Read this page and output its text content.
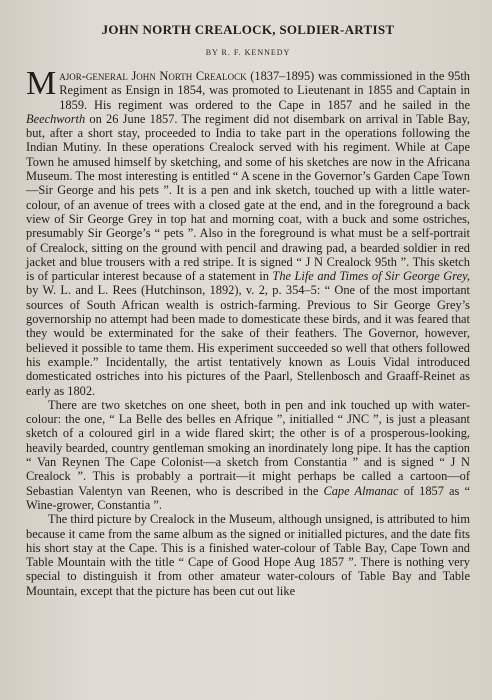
JOHN NORTH CREALOCK, SOLDIER-ARTIST
BY R. F. KENNEDY

Major-general John North Crealock (1837–1895) was commissioned in the 95th Regiment as Ensign in 1854, was promoted to Lieutenant in 1855 and Captain in 1859. His regiment was ordered to the Cape in 1857 and he sailed in the Beechworth on 26 June 1857. The regiment did not disembark on arrival in Table Bay, but, after a short stay, proceeded to India to take part in the operations following the Indian Mutiny. In these operations Crealock served with his regiment. While at Cape Town he amused himself by sketching, and some of his sketches are now in the Africana Museum. The most interesting is entitled “ A scene in the Governor’s Garden Cape Town—Sir George and his pets ”. It is a pen and ink sketch, touched up with a little water-colour, of an avenue of trees with a closed gate at the end, and in the foreground a back view of Sir George Grey in top hat and morning coat, with a buck and some ostriches, presumably Sir George’s “ pets ”. Also in the foreground is what must be a self-portrait of Crealock, sitting on the ground with pencil and drawing pad, a bearded soldier in red jacket and blue trousers with a red stripe. It is signed “ J N Crealock 95th ”. This sketch is of particular interest because of a statement in The Life and Times of Sir George Grey, by W. L. and L. Rees (Hutchinson, 1892), v. 2, p. 354–5: “ One of the most important sources of South African wealth is ostrich-farming. Previous to Sir George Grey’s governorship no attempt had been made to domesticate these birds, and it was feared that they would be exterminated for the sake of their feathers. The Governor, however, believed it possible to tame them. His experiment succeeded so well that others followed his example.” Incidentally, the artist tentatively known as Louis Vidal introduced domesticated ostriches into his pictures of the Paarl, Stellenbosch and Graaff-Reinet as early as 1802.

There are two sketches on one sheet, both in pen and ink touched up with water-colour: the one, “ La Belle des belles en Afrique ”, initialled “ JNC ”, is just a pleasant sketch of a coloured girl in a wide flared skirt; the other is of a prosperous-looking, heavily bearded, country gentleman smoking an inordinately long pipe. It has the caption “ Van Reynen The Cape Colonist—a sketch from Constantia ” and is signed “ J N Crealock ”. This is probably a portrait—it might perhaps be called a cartoon—of Sebastian Valentyn van Reenen, who is described in the Cape Almanac of 1857 as “ Wine-grower, Constantia ”.

The third picture by Crealock in the Museum, although unsigned, is attributed to him because it came from the same album as the signed or initialled pictures, and the date fits his short stay at the Cape. This is a finished water-colour of Table Bay, Cape Town and Table Mountain with the title “ Cape of Good Hope Aug 1857 ”. There is nothing very special to distinguish it from other amateur water-colours of Table Bay and Table Mountain, except that the picture has been cut out like
